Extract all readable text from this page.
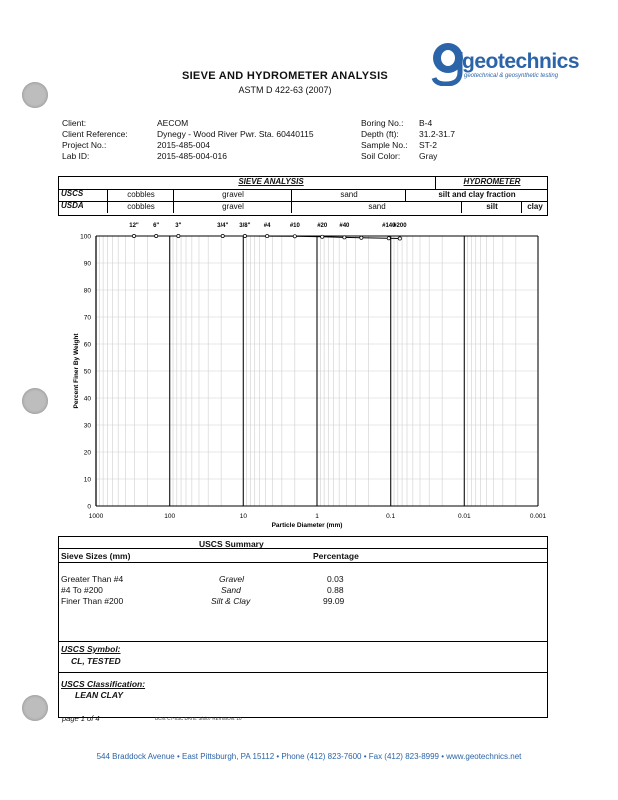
SIEVE AND HYDROMETER ANALYSIS
ASTM D 422-63 (2007)
geotechnics
geotechnical & geosynthetic testing
Client:	AECOM
Client Reference:	Dynegy - Wood River Pwr. Sta. 60440115
Project No.:	2015-485-004
Lab ID:	2015-485-004-016
Boring No.: B-4
Depth (ft): 31.2-31.7
Sample No.: ST-2
Soil Color: Gray
SIEVE ANALYSIS	HYDROMETER
USCS	cobbles	gravel	sand	silt and clay fraction
USDA	cobbles	gravel	sand	silt	clay
0
10
20
30
40
50
60
70
80
90
100
1000	100	10	1	0.1	0.01	0.001
12" 6"	3"	3/4" 3/8" #4	#10	#20 #40	#140
#200
Particle Diameter (mm)
Percent Finer By Weight
USCS Summary
Sieve Sizes (mm)	Percentage
Greater Than #4	Gravel	0.03
#4 To #200	Sand	0.88
Finer Than #200	Silt & Clay	99.09
USCS Symbol:
CL, TESTED
USCS Classification:
LEAN CLAY
page 1 of 4	DCN: CT-S3C DATE: 3/5/07 REVISION: 10
544 Braddock Avenue • East Pittsburgh, PA 15112 • Phone (412) 823-7600 • Fax (412) 823-8999 • www.geotechnics.net
